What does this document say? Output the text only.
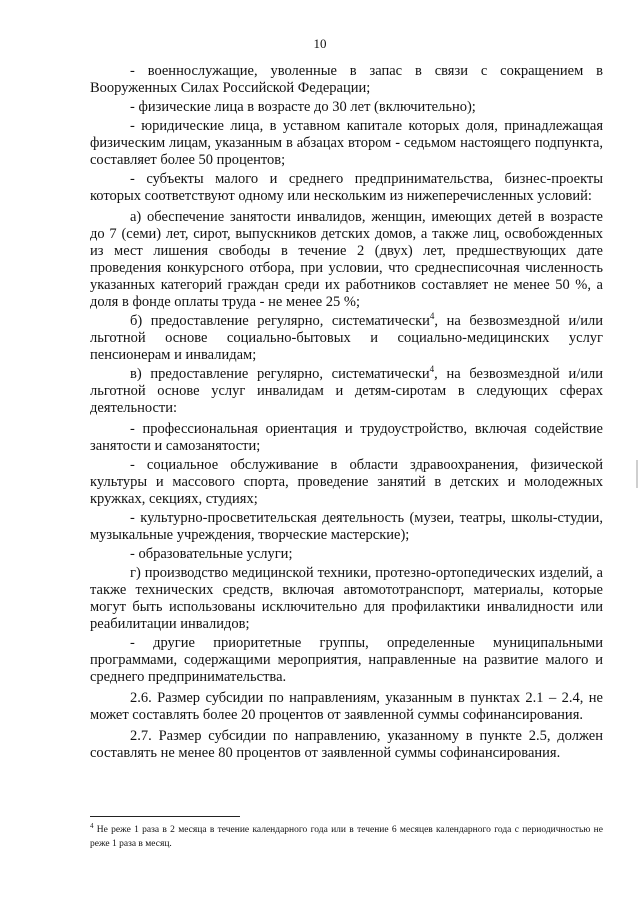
10

- военнослужащие, уволенные в запас в связи с сокращением в Вооруженных Силах Российской Федерации;

- физические лица в возрасте до 30 лет (включительно);

- юридические лица, в уставном капитале которых доля, принадлежащая физическим лицам, указанным в абзацах втором - седьмом настоящего подпункта, составляет более 50 процентов;

- субъекты малого и среднего предпринимательства, бизнес-проекты которых соответствуют одному или нескольким из нижеперечисленных условий:

а) обеспечение занятости инвалидов, женщин, имеющих детей в возрасте до 7 (семи) лет, сирот, выпускников детских домов, а также лиц, освобожденных из мест лишения свободы в течение 2 (двух) лет, предшествующих дате проведения конкурсного отбора, при условии, что среднесписочная численность указанных категорий граждан среди их работников составляет не менее 50 %, а доля в фонде оплаты труда - не менее 25 %;

б) предоставление регулярно, систематически$^4$, на безвозмездной и/или льготной основе социально-бытовых и социально-медицинских услуг пенсионерам и инвалидам;

в) предоставление регулярно, систематически$^4$, на безвозмездной и/или льготной основе услуг инвалидам и детям-сиротам в следующих сферах деятельности:

- профессиональная ориентация и трудоустройство, включая содействие занятости и самозанятости;

- социальное обслуживание в области здравоохранения, физической культуры и массового спорта, проведение занятий в детских и молодежных кружках, секциях, студиях;

- культурно-просветительская деятельность (музеи, театры, школы-студии, музыкальные учреждения, творческие мастерские);

- образовательные услуги;

г) производство медицинской техники, протезно-ортопедических изделий, а также технических средств, включая автомототранспорт, материалы, которые могут быть использованы исключительно для профилактики инвалидности или реабилитации инвалидов;

- другие приоритетные группы, определенные муниципальными программами, содержащими мероприятия, направленные на развитие малого и среднего предпринимательства.

2.6. Размер субсидии по направлениям, указанным в пунктах 2.1 – 2.4, не может составлять более 20 процентов от заявленной суммы софинансирования.

2.7. Размер субсидии по направлению, указанному в пункте 2.5, должен составлять не менее 80 процентов от заявленной суммы софинансирования.

$^4$ Не реже 1 раза в 2 месяца в течение календарного года или в течение 6 месяцев календарного года с периодичностью не реже 1 раза в месяц.
